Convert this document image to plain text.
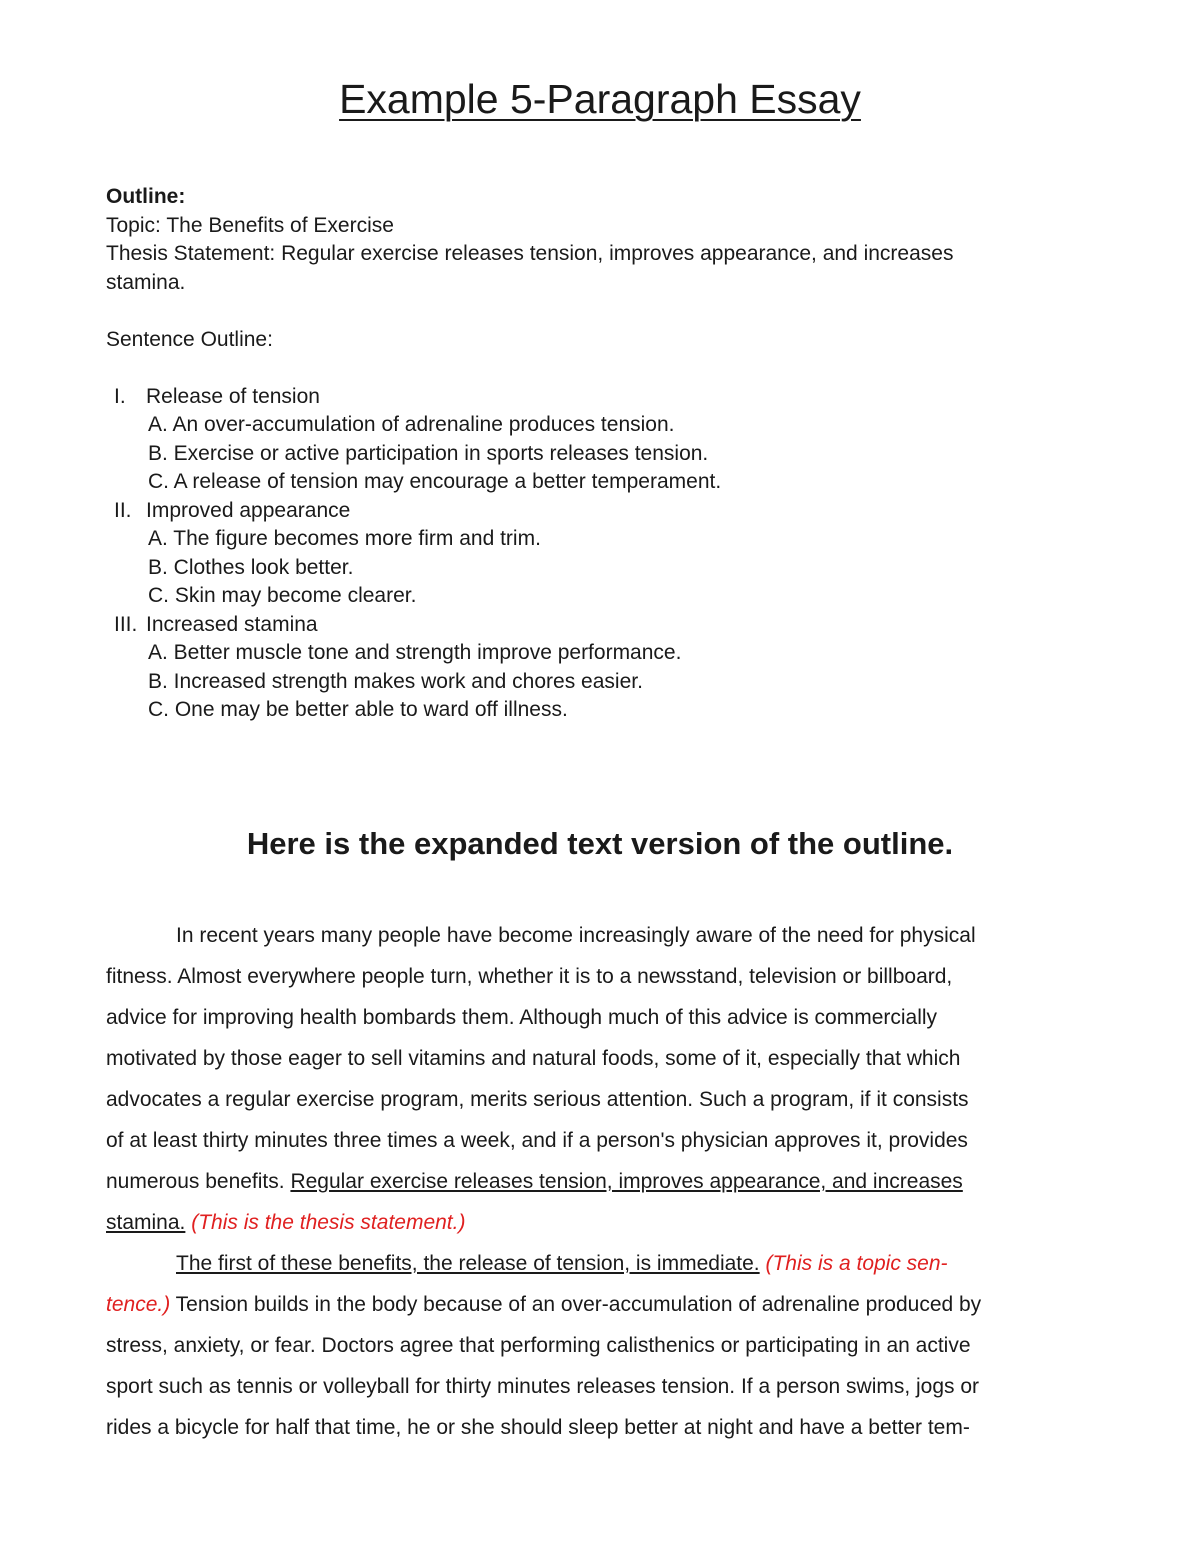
Example 5-Paragraph Essay
Outline:
Topic: The Benefits of Exercise
Thesis Statement: Regular exercise releases tension, improves appearance, and increases
stamina.
Sentence Outline:
I. Release of tension
A. An over-accumulation of adrenaline produces tension.
B. Exercise or active participation in sports releases tension.
C. A release of tension may encourage a better temperament.
II. Improved appearance
A. The figure becomes more firm and trim.
B. Clothes look better.
C. Skin may become clearer.
III. Increased stamina
A. Better muscle tone and strength improve performance.
B. Increased strength makes work and chores easier.
C. One may be better able to ward off illness.
Here is the expanded text version of the outline.
In recent years many people have become increasingly aware of the need for physical
fitness. Almost everywhere people turn, whether it is to a newsstand, television or billboard,
advice for improving health bombards them. Although much of this advice is commercially
motivated by those eager to sell vitamins and natural foods, some of it, especially that which
advocates a regular exercise program, merits serious attention. Such a program, if it consists
of at least thirty minutes three times a week, and if a person's physician approves it, provides
numerous benefits. Regular exercise releases tension, improves appearance, and increases
stamina. (This is the thesis statement.)
The first of these benefits, the release of tension, is immediate. (This is a topic sen-
tence.) Tension builds in the body because of an over-accumulation of adrenaline produced by
stress, anxiety, or fear. Doctors agree that performing calisthenics or participating in an active
sport such as tennis or volleyball for thirty minutes releases tension. If a person swims, jogs or
rides a bicycle for half that time, he or she should sleep better at night and have a better tem-
